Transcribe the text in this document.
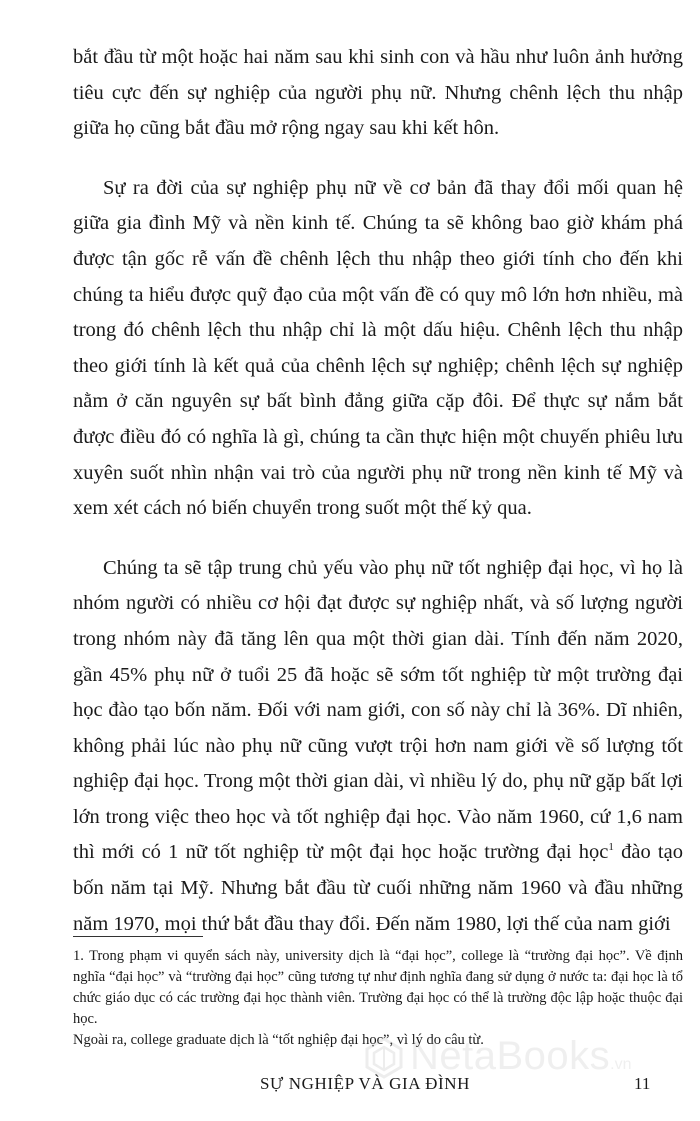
bắt đầu từ một hoặc hai năm sau khi sinh con và hầu như luôn ảnh hưởng tiêu cực đến sự nghiệp của người phụ nữ. Nhưng chênh lệch thu nhập giữa họ cũng bắt đầu mở rộng ngay sau khi kết hôn.

Sự ra đời của sự nghiệp phụ nữ về cơ bản đã thay đổi mối quan hệ giữa gia đình Mỹ và nền kinh tế. Chúng ta sẽ không bao giờ khám phá được tận gốc rễ vấn đề chênh lệch thu nhập theo giới tính cho đến khi chúng ta hiểu được quỹ đạo của một vấn đề có quy mô lớn hơn nhiều, mà trong đó chênh lệch thu nhập chỉ là một dấu hiệu. Chênh lệch thu nhập theo giới tính là kết quả của chênh lệch sự nghiệp; chênh lệch sự nghiệp nằm ở căn nguyên sự bất bình đẳng giữa cặp đôi. Để thực sự nắm bắt được điều đó có nghĩa là gì, chúng ta cần thực hiện một chuyến phiêu lưu xuyên suốt nhìn nhận vai trò của người phụ nữ trong nền kinh tế Mỹ và xem xét cách nó biến chuyển trong suốt một thế kỷ qua.

Chúng ta sẽ tập trung chủ yếu vào phụ nữ tốt nghiệp đại học, vì họ là nhóm người có nhiều cơ hội đạt được sự nghiệp nhất, và số lượng người trong nhóm này đã tăng lên qua một thời gian dài. Tính đến năm 2020, gần 45% phụ nữ ở tuổi 25 đã hoặc sẽ sớm tốt nghiệp từ một trường đại học đào tạo bốn năm. Đối với nam giới, con số này chỉ là 36%. Dĩ nhiên, không phải lúc nào phụ nữ cũng vượt trội hơn nam giới về số lượng tốt nghiệp đại học. Trong một thời gian dài, vì nhiều lý do, phụ nữ gặp bất lợi lớn trong việc theo học và tốt nghiệp đại học. Vào năm 1960, cứ 1,6 nam thì mới có 1 nữ tốt nghiệp từ một đại học hoặc trường đại học$^1$ đào tạo bốn năm tại Mỹ. Nhưng bắt đầu từ cuối những năm 1960 và đầu những năm 1970, mọi thứ bắt đầu thay đổi. Đến năm 1980, lợi thế của nam giới

1. Trong phạm vi quyển sách này, university dịch là “đại học”, college là “trường đại học”. Về định nghĩa “đại học” và “trường đại học” cũng tương tự như định nghĩa đang sử dụng ở nước ta: đại học là tổ chức giáo dục có các trường đại học thành viên. Trường đại học có thể là trường độc lập hoặc thuộc đại học.

Ngoài ra, college graduate dịch là “tốt nghiệp đại học”, vì lý do câu từ.

NetaBooks.vn
SỰ NGHIỆP VÀ GIA ĐÌNH	11
